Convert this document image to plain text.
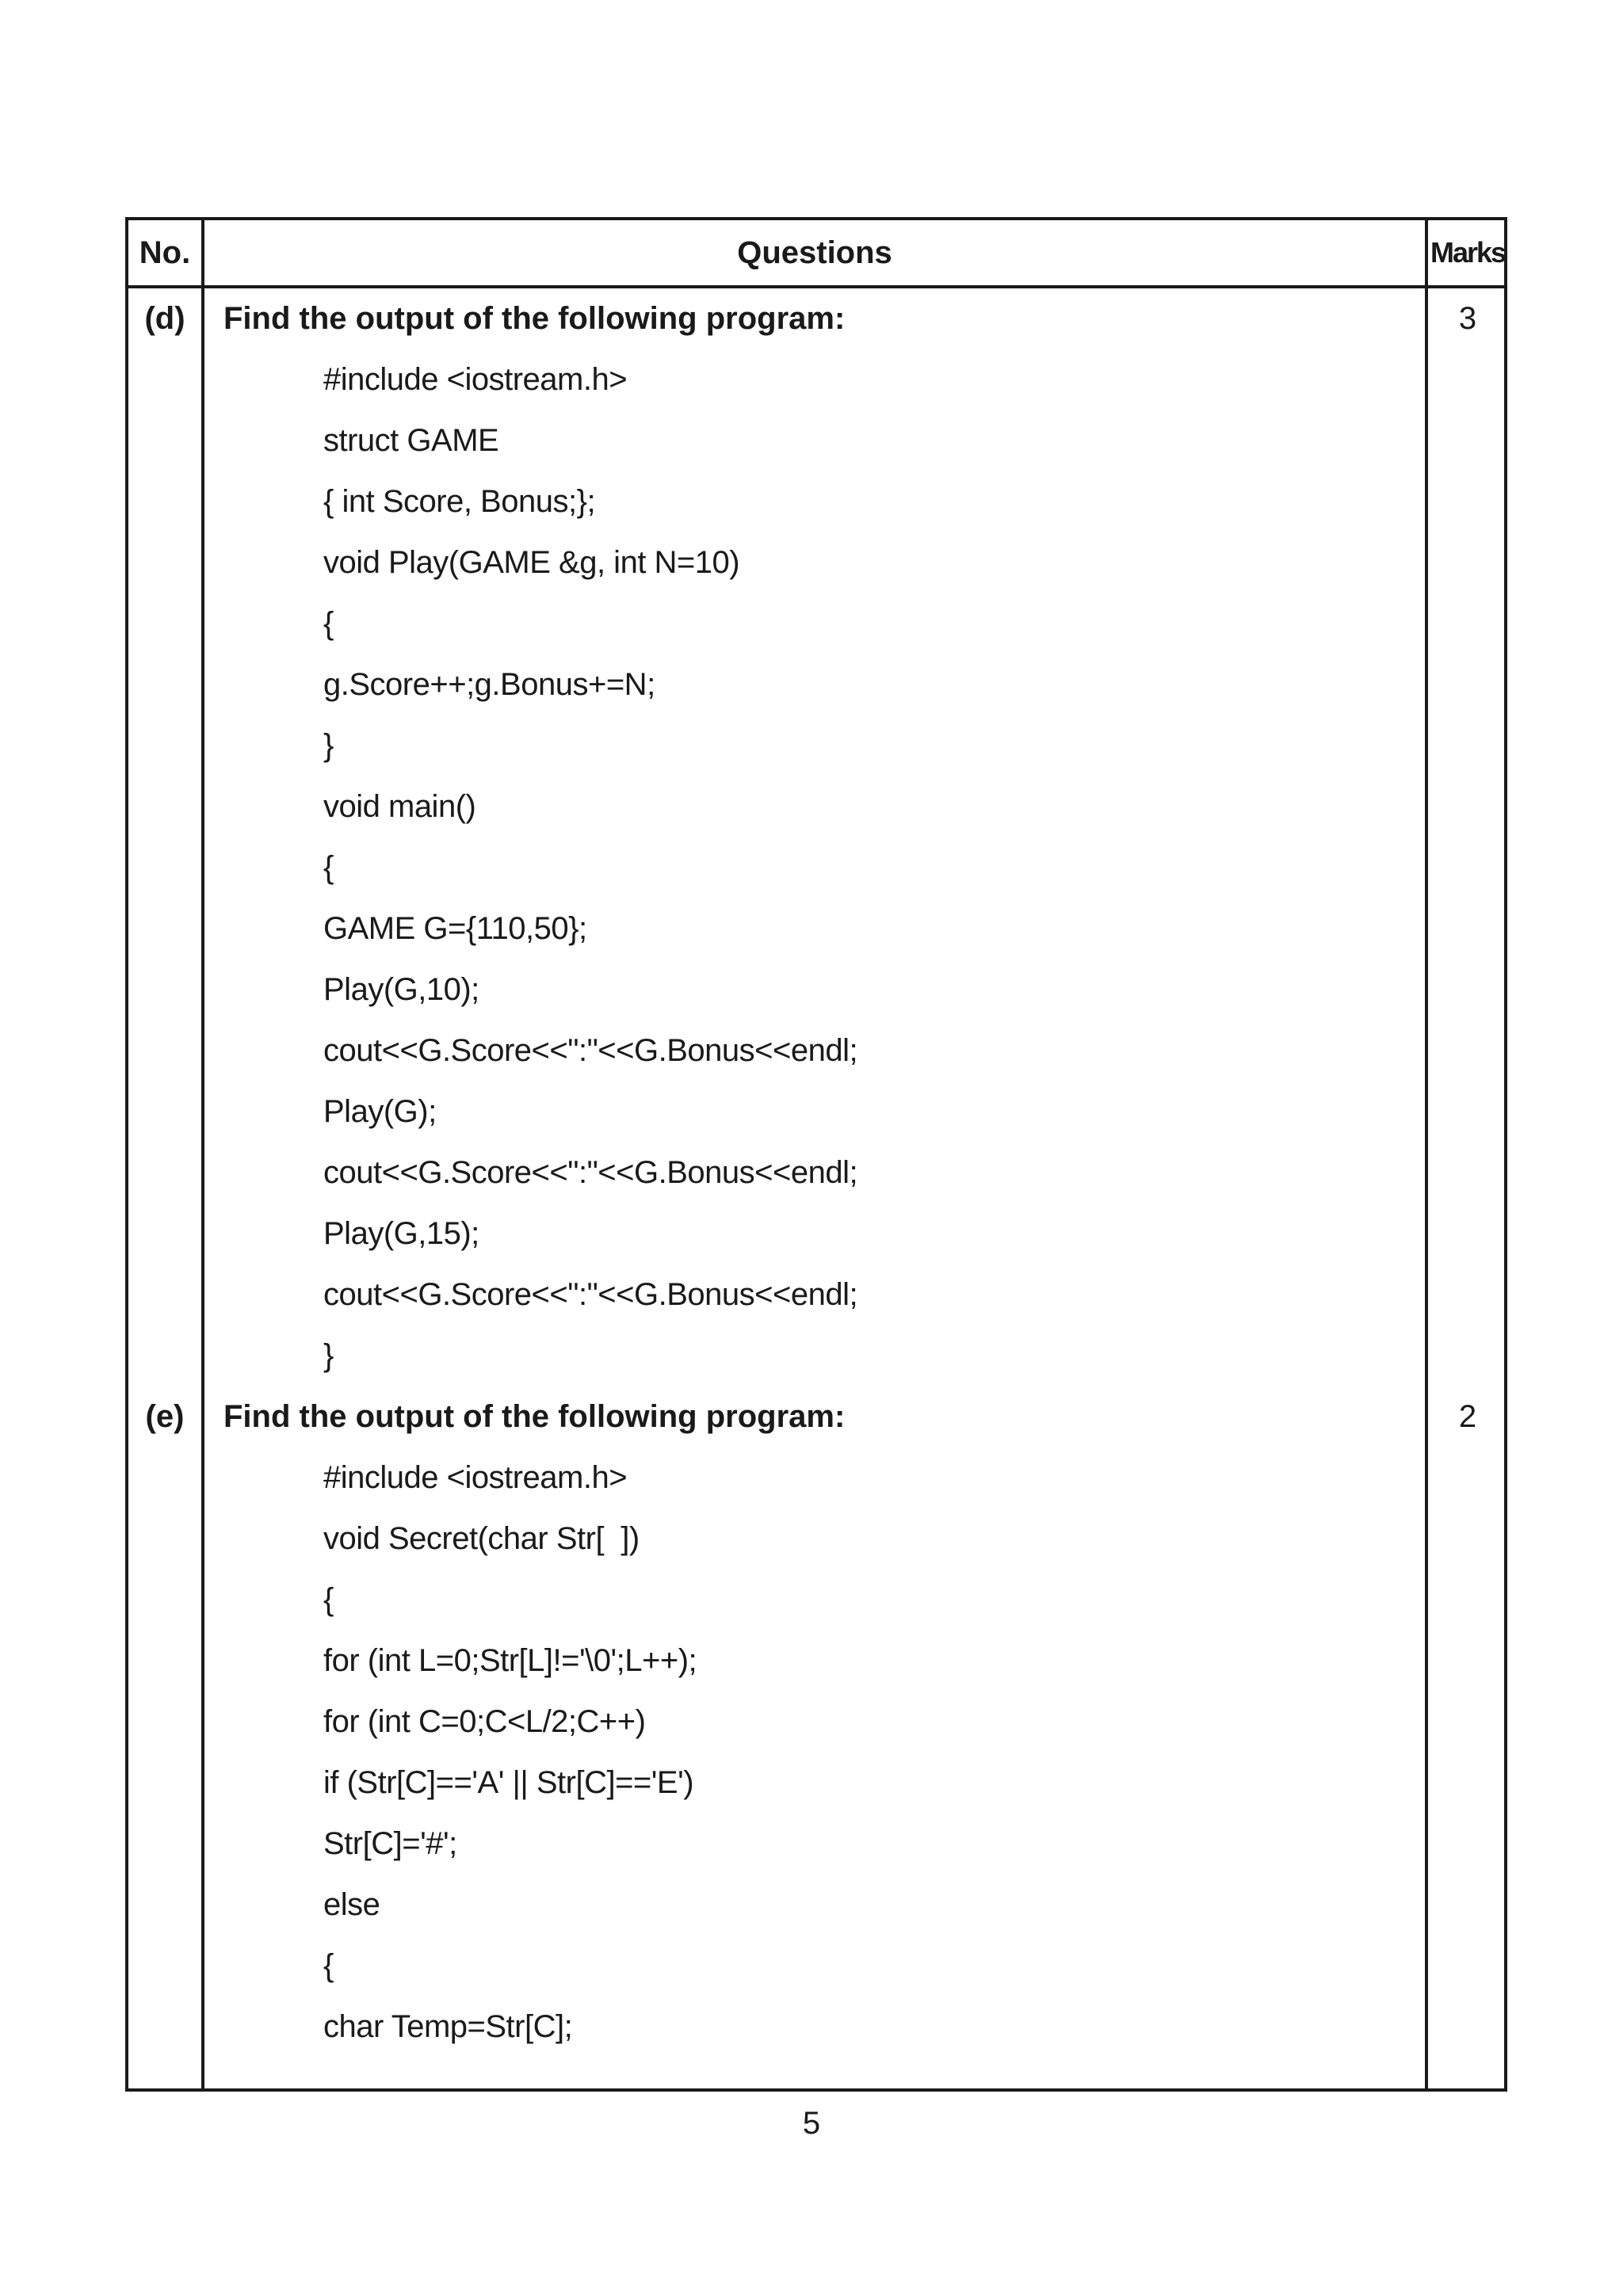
No.	Questions	Marks
(d)	Find the output of the following program:	3
#include <iostream.h>
struct GAME
{ int Score, Bonus;};
void Play(GAME &g, int N=10)
{
g.Score++;g.Bonus+=N;
}
void main()
{
GAME G={110,50};
Play(G,10);
cout<<G.Score<<":"<<G.Bonus<<endl;
Play(G);
cout<<G.Score<<":"<<G.Bonus<<endl;
Play(G,15);
cout<<G.Score<<":"<<G.Bonus<<endl;
}
(e)	Find the output of the following program:	2
#include <iostream.h>
void Secret(char Str[  ])
{
for (int L=0;Str[L]!='\0';L++);
for (int C=0;C<L/2;C++)
if (Str[C]=='A' || Str[C]=='E')
Str[C]='#';
else
{
char Temp=Str[C];
5
